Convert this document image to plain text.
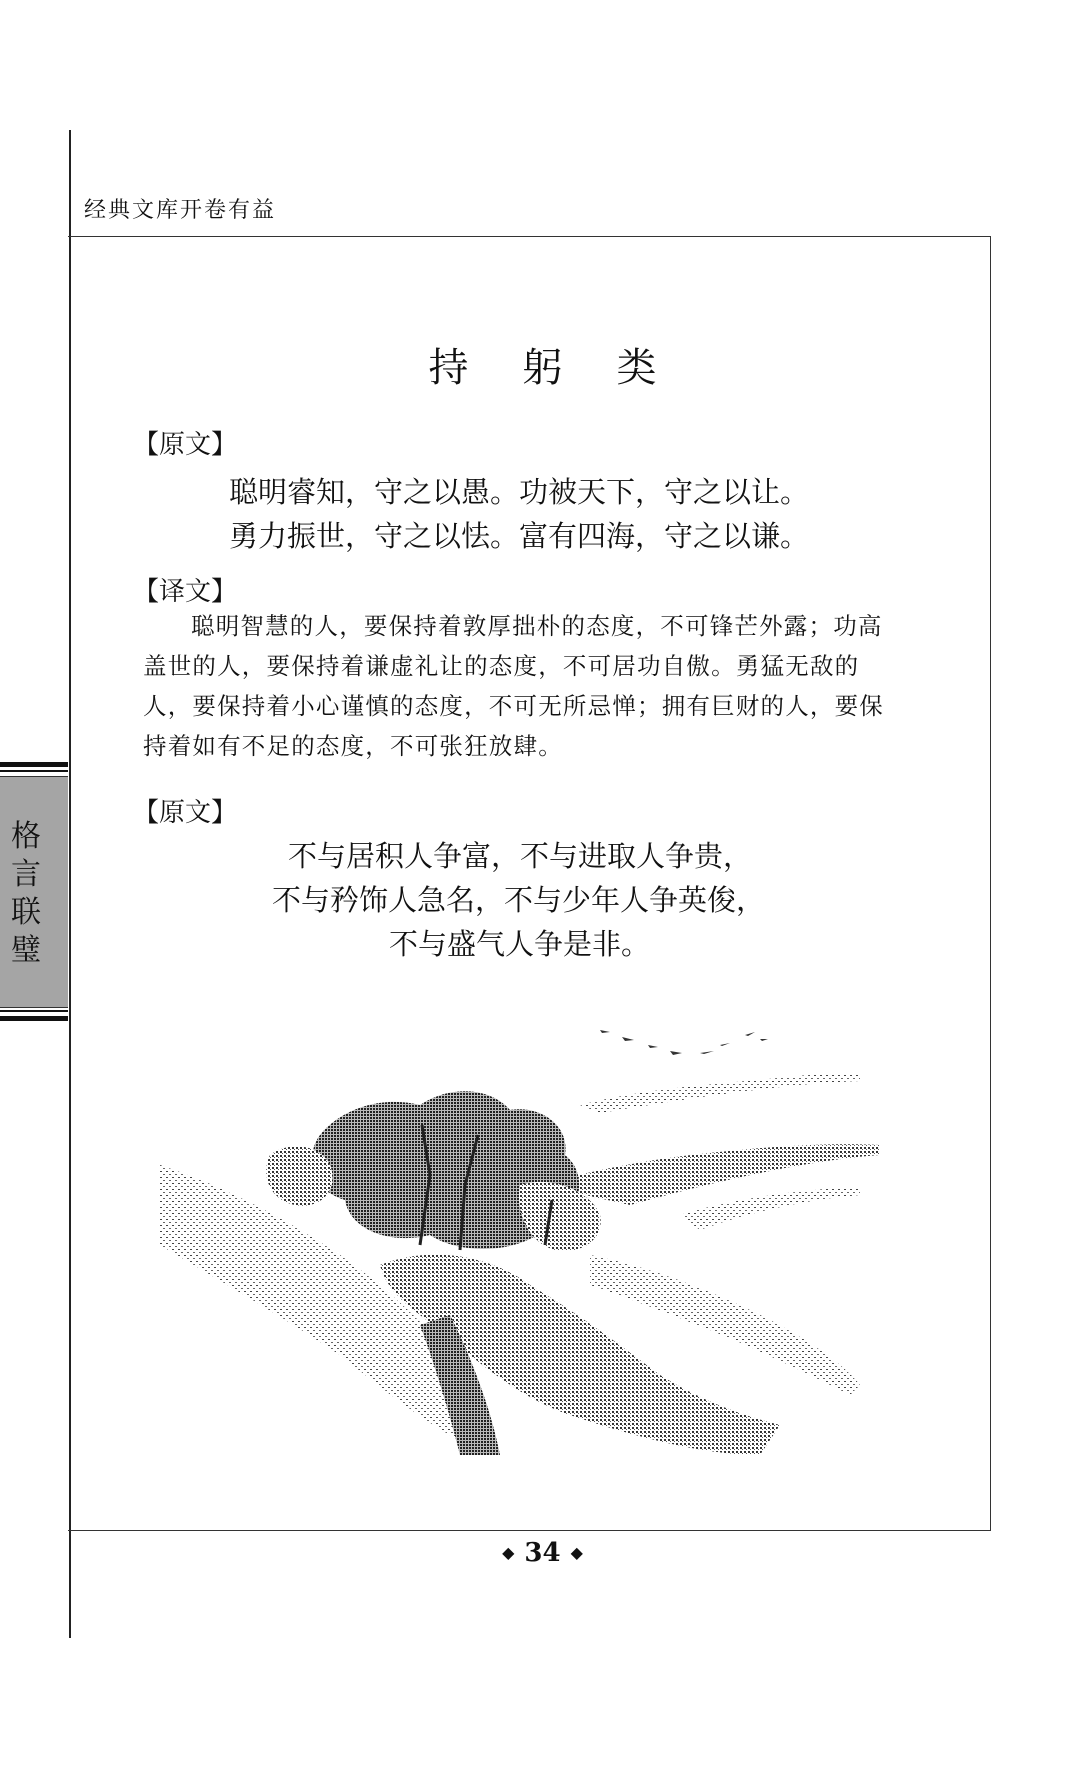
经典文库开卷有益
持 躬 类
【原文】
聪明睿知，守之以愚。功被天下，守之以让。
勇力振世，守之以怯。富有四海，守之以谦。
【译文】
聪明智慧的人，要保持着敦厚拙朴的态度，不可锋芒外露；功高盖世的人，要保持着谦虚礼让的态度，不可居功自傲。勇猛无敌的人，要保持着小心谨慎的态度，不可无所忌惮；拥有巨财的人，要保持着如有不足的态度，不可张狂放肆。
【原文】
不与居积人争富，不与进取人争贵，
不与矜饰人急名，不与少年人争英俊，
不与盛气人争是非。
格
言
联
璧
◆ 34 ◆
